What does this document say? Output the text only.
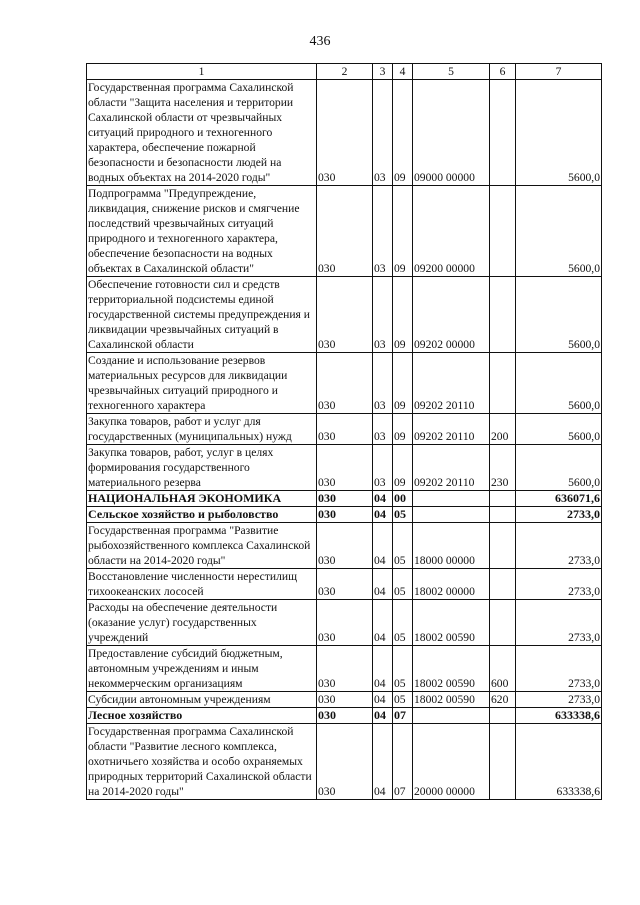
436
1	2	3	4	5	6	7
Государственная программа Сахалинской области "Защита населения и территории Сахалинской области от чрезвычайных ситуаций природного и техногенного характера, обеспечение пожарной безопасности и безопасности людей на водных объектах на 2014-2020 годы"	030	03	09	09000 00000		5600,0
Подпрограмма "Предупреждение, ликвидация, снижение рисков и смягчение последствий чрезвычайных ситуаций природного и техногенного характера, обеспечение безопасности на водных объектах в Сахалинской области"	030	03	09	09200 00000		5600,0
Обеспечение готовности сил и средств территориальной подсистемы единой государственной системы предупреждения и ликвидации чрезвычайных ситуаций в Сахалинской области	030	03	09	09202 00000		5600,0
Создание и использование резервов материальных ресурсов для ликвидации чрезвычайных ситуаций природного и техногенного характера	030	03	09	09202 20110		5600,0
Закупка товаров, работ и услуг для государственных (муниципальных) нужд	030	03	09	09202 20110	200	5600,0
Закупка товаров, работ, услуг в целях формирования государственного материального резерва	030	03	09	09202 20110	230	5600,0
НАЦИОНАЛЬНАЯ ЭКОНОМИКА	030	04	00			636071,6
Сельское хозяйство и рыболовство	030	04	05			2733,0
Государственная программа "Развитие рыбохозяйственного комплекса Сахалинской области на 2014-2020 годы"	030	04	05	18000 00000		2733,0
Восстановление численности нерестилищ тихоокеанских лососей	030	04	05	18002 00000		2733,0
Расходы на обеспечение деятельности (оказание услуг) государственных учреждений	030	04	05	18002 00590		2733,0
Предоставление субсидий бюджетным, автономным учреждениям и иным некоммерческим организациям	030	04	05	18002 00590	600	2733,0
Субсидии автономным учреждениям	030	04	05	18002 00590	620	2733,0
Лесное хозяйство	030	04	07			633338,6
Государственная программа Сахалинской области "Развитие лесного комплекса, охотничьего хозяйства и особо охраняемых природных территорий Сахалинской области на 2014-2020 годы"	030	04	07	20000 00000		633338,6
